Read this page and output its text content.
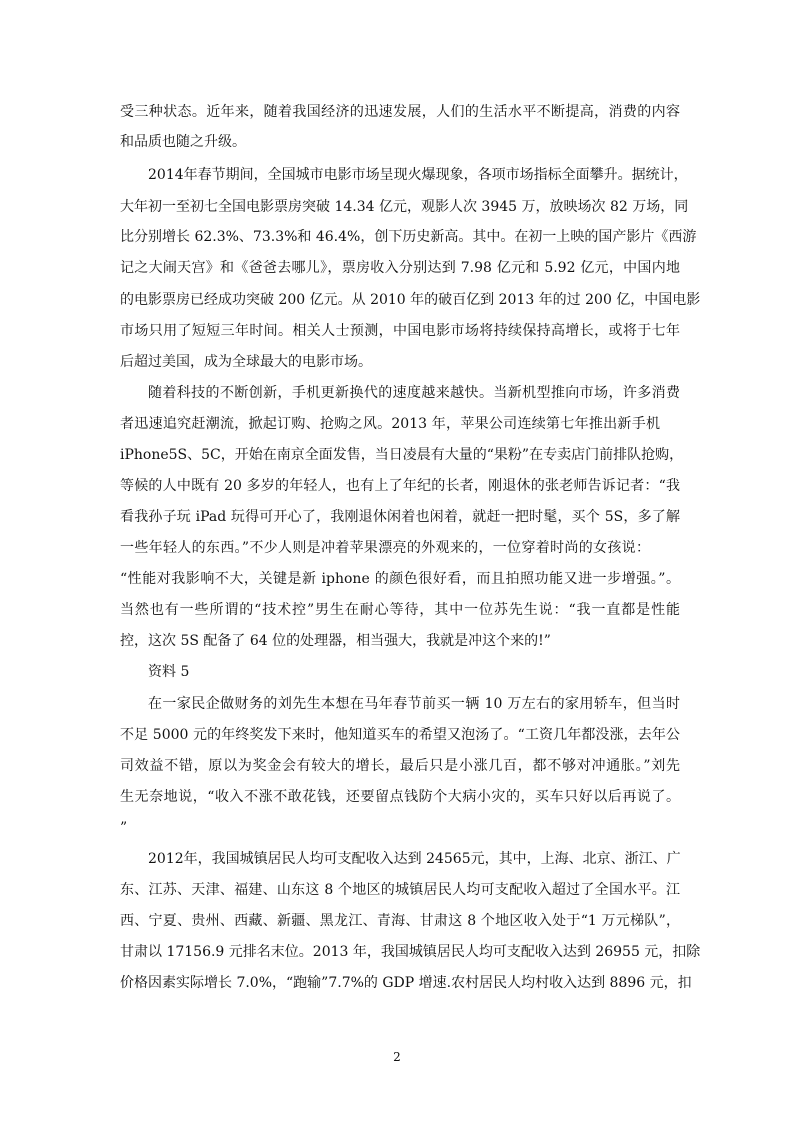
受三种状态。近年来，随着我国经济的迅速发展，人们的生活水平不断提高，消费的内容
和品质也随之升级。
2014年春节期间，全国城市电影市场呈现火爆现象，各项市场指标全面攀升。据统计，
大年初一至初七全国电影票房突破 14.34 亿元，观影人次 3945 万，放映场次 82 万场，同
比分别增长 62.3%、73.3%和 46.4%，创下历史新高。其中。在初一上映的国产影片《西游
记之大闹天宫》和《爸爸去哪儿》，票房收入分别达到 7.98 亿元和 5.92 亿元，中国内地
的电影票房已经成功突破 200 亿元。从 2010 年的破百亿到 2013 年的过 200 亿，中国电影
市场只用了短短三年时间。相关人士预测，中国电影市场将持续保持高增长，或将于七年
后超过美国，成为全球最大的电影市场。
随着科技的不断创新，手机更新换代的速度越来越快。当新机型推向市场，许多消费
者迅速追究赶潮流，掀起订购、抢购之风。2013 年，苹果公司连续第七年推出新手机
iPhone5S、5C，开始在南京全面发售，当日凌晨有大量的“果粉”在专卖店门前排队抢购，
等候的人中既有 20 多岁的年轻人，也有上了年纪的长者，刚退休的张老师告诉记者：“我
看我孙子玩 iPad 玩得可开心了，我刚退休闲着也闲着，就赶一把时髦，买个 5S，多了解
一些年轻人的东西。”不少人则是冲着苹果漂亮的外观来的，一位穿着时尚的女孩说：
“性能对我影响不大，关键是新 iphone 的颜色很好看，而且拍照功能又进一步增强。”。
当然也有一些所谓的“技术控”男生在耐心等待，其中一位苏先生说：“我一直都是性能
控，这次 5S 配备了 64 位的处理器，相当强大，我就是冲这个来的!”
资料 5
在一家民企做财务的刘先生本想在马年春节前买一辆 10 万左右的家用轿车，但当时
不足 5000 元的年终奖发下来时，他知道买车的希望又泡汤了。“工资几年都没涨，去年公
司效益不错，原以为奖金会有较大的增长，最后只是小涨几百，都不够对冲通胀。”刘先
生无奈地说，“收入不涨不敢花钱，还要留点钱防个大病小灾的，买车只好以后再说了。
”
2012年，我国城镇居民人均可支配收入达到 24565元，其中，上海、北京、浙江、广
东、江苏、天津、福建、山东这 8 个地区的城镇居民人均可支配收入超过了全国水平。江
西、宁夏、贵州、西藏、新疆、黑龙江、青海、甘肃这 8 个地区收入处于“1 万元梯队”，
甘肃以 17156.9 元排名末位。2013 年，我国城镇居民人均可支配收入达到 26955 元，扣除
价格因素实际增长 7.0%，“跑输”7.7%的 GDP 增速.农村居民人均村收入达到 8896 元，扣
2
